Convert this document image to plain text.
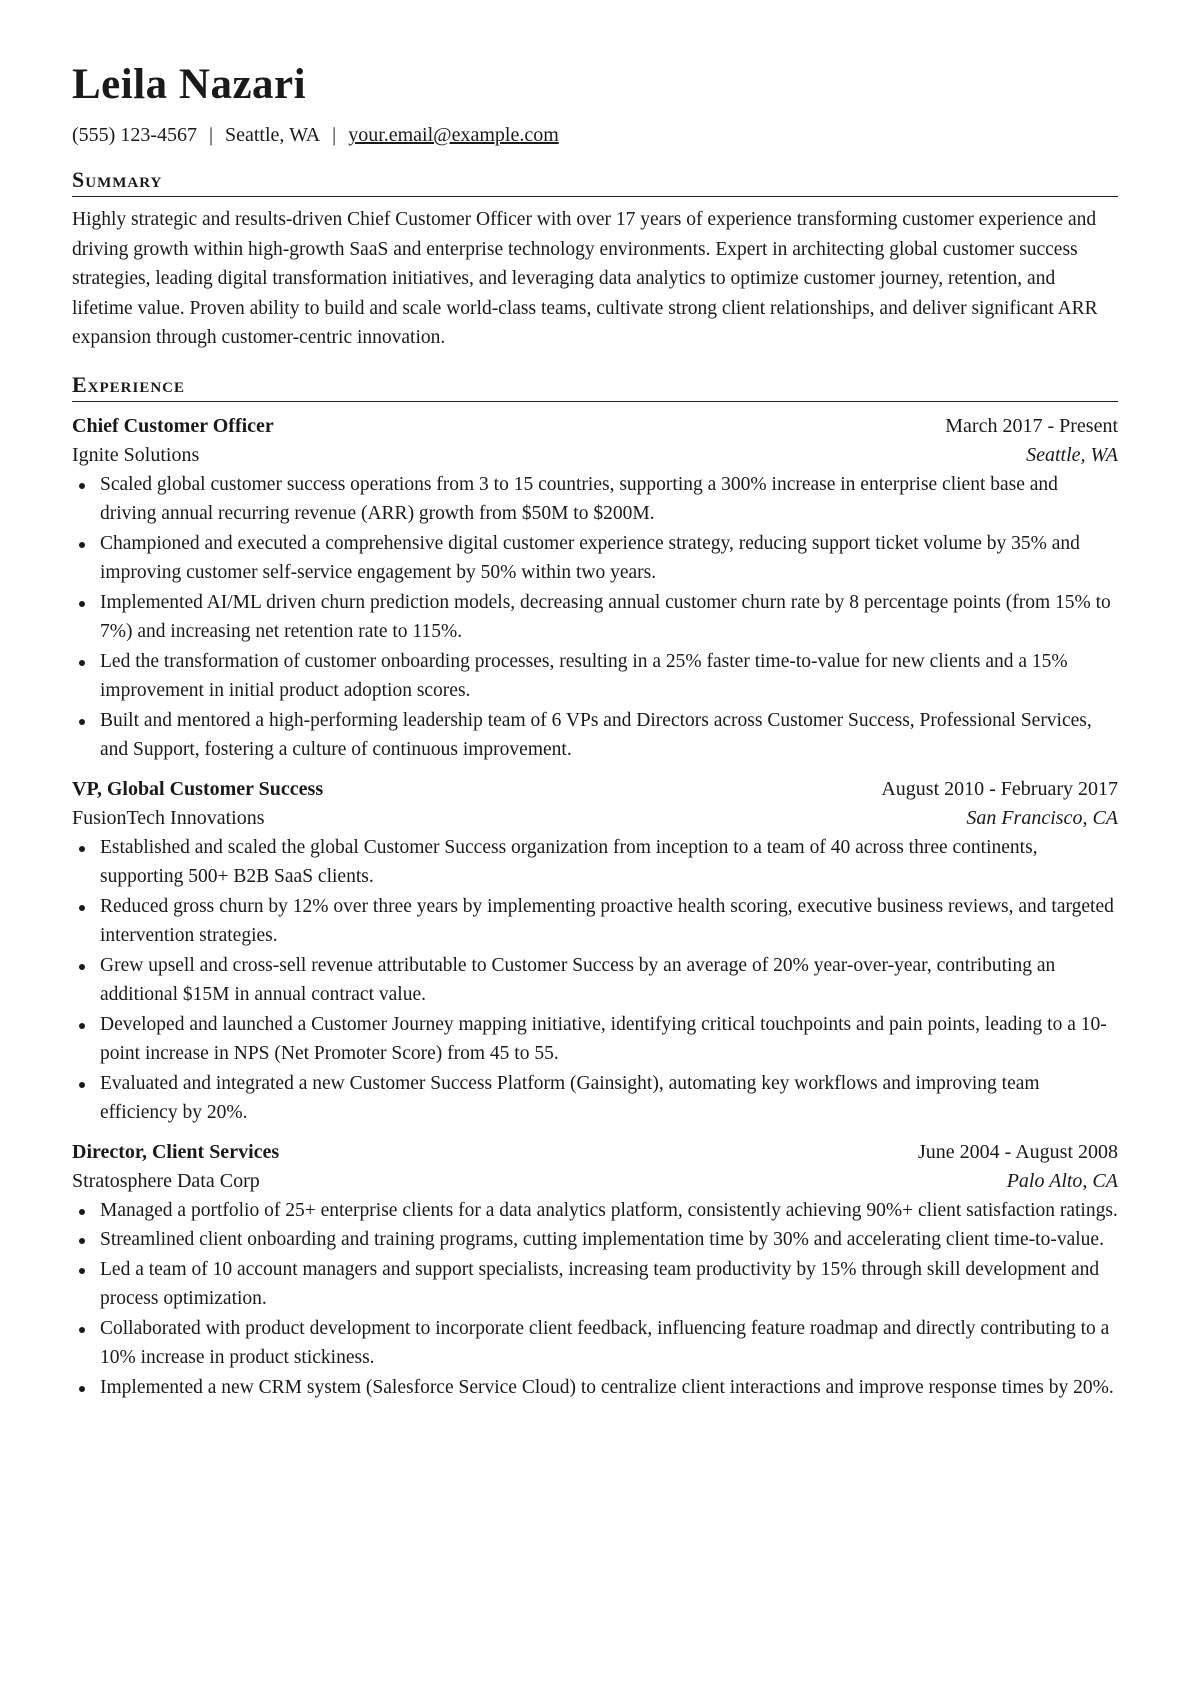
Leila Nazari
(555) 123-4567 | Seattle, WA | your.email@example.com
Summary

Highly strategic and results-driven Chief Customer Officer with over 17 years of experience transforming customer experience and driving growth within high-growth SaaS and enterprise technology environments. Expert in architecting global customer success strategies, leading digital transformation initiatives, and leveraging data analytics to optimize customer journey, retention, and lifetime value. Proven ability to build and scale world-class teams, cultivate strong client relationships, and deliver significant ARR expansion through customer-centric innovation.

Experience
Chief Customer Officer	March 2017 - Present
Ignite Solutions	Seattle, WA
Scaled global customer success operations from 3 to 15 countries, supporting a 300% increase in enterprise client base and driving annual recurring revenue (ARR) growth from $50M to $200M.
Championed and executed a comprehensive digital customer experience strategy, reducing support ticket volume by 35% and improving customer self-service engagement by 50% within two years.
Implemented AI/ML driven churn prediction models, decreasing annual customer churn rate by 8 percentage points (from 15% to 7%) and increasing net retention rate to 115%.
Led the transformation of customer onboarding processes, resulting in a 25% faster time-to-value for new clients and a 15% improvement in initial product adoption scores.
Built and mentored a high-performing leadership team of 6 VPs and Directors across Customer Success, Professional Services, and Support, fostering a culture of continuous improvement.
VP, Global Customer Success	August 2010 - February 2017
FusionTech Innovations	San Francisco, CA
Established and scaled the global Customer Success organization from inception to a team of 40 across three continents, supporting 500+ B2B SaaS clients.
Reduced gross churn by 12% over three years by implementing proactive health scoring, executive business reviews, and targeted intervention strategies.
Grew upsell and cross-sell revenue attributable to Customer Success by an average of 20% year-over-year, contributing an additional $15M in annual contract value.
Developed and launched a Customer Journey mapping initiative, identifying critical touchpoints and pain points, leading to a 10-point increase in NPS (Net Promoter Score) from 45 to 55.
Evaluated and integrated a new Customer Success Platform (Gainsight), automating key workflows and improving team efficiency by 20%.
Director, Client Services	June 2004 - August 2008
Stratosphere Data Corp	Palo Alto, CA
Managed a portfolio of 25+ enterprise clients for a data analytics platform, consistently achieving 90%+ client satisfaction ratings.
Streamlined client onboarding and training programs, cutting implementation time by 30% and accelerating client time-to-value.
Led a team of 10 account managers and support specialists, increasing team productivity by 15% through skill development and process optimization.
Collaborated with product development to incorporate client feedback, influencing feature roadmap and directly contributing to a 10% increase in product stickiness.
Implemented a new CRM system (Salesforce Service Cloud) to centralize client interactions and improve response times by 20%.
